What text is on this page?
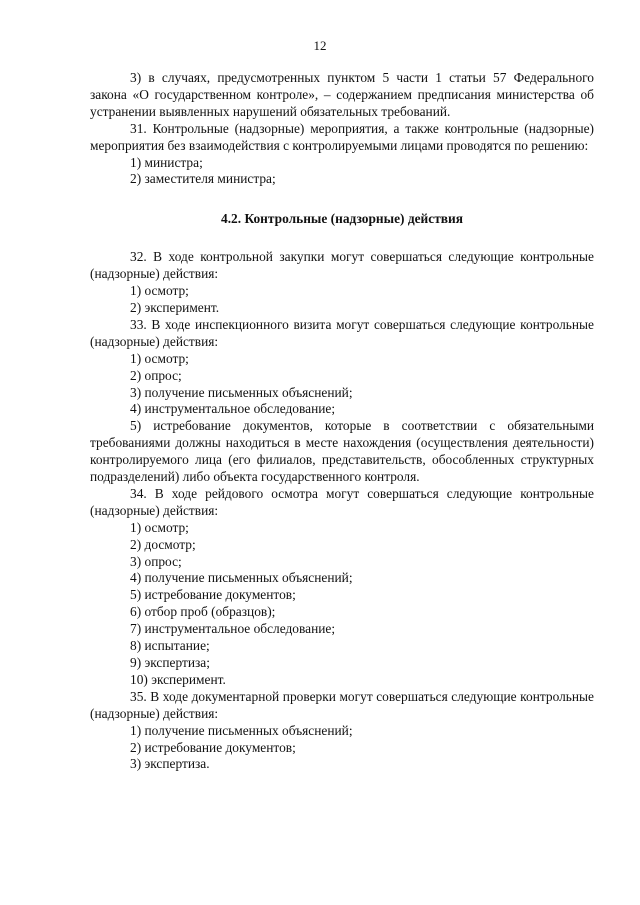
12

3) в случаях, предусмотренных пунктом 5 части 1 статьи 57 Федерального закона «О государственном контроле», – содержанием предписания министерства об устранении выявленных нарушений обязательных требований.

31. Контрольные (надзорные) мероприятия, а также контрольные (надзорные) мероприятия без взаимодействия с контролируемыми лицами проводятся по решению:

1) министра;

2) заместителя министра;

4.2. Контрольные (надзорные) действия

32. В ходе контрольной закупки могут совершаться следующие контрольные (надзорные) действия:

1) осмотр;

2) эксперимент.

33. В ходе инспекционного визита могут совершаться следующие контрольные (надзорные) действия:

1) осмотр;

2) опрос;

3) получение письменных объяснений;

4) инструментальное обследование;

5) истребование документов, которые в соответствии с обязательными требованиями должны находиться в месте нахождения (осуществления деятельности) контролируемого лица (его филиалов, представительств, обособленных структурных подразделений) либо объекта государственного контроля.

34. В ходе рейдового осмотра могут совершаться следующие контрольные (надзорные) действия:

1) осмотр;

2) досмотр;

3) опрос;

4) получение письменных объяснений;

5) истребование документов;

6) отбор проб (образцов);

7) инструментальное обследование;

8) испытание;

9) экспертиза;

10) эксперимент.

35. В ходе документарной проверки могут совершаться следующие контрольные (надзорные) действия:

1) получение письменных объяснений;

2) истребование документов;

3) экспертиза.
